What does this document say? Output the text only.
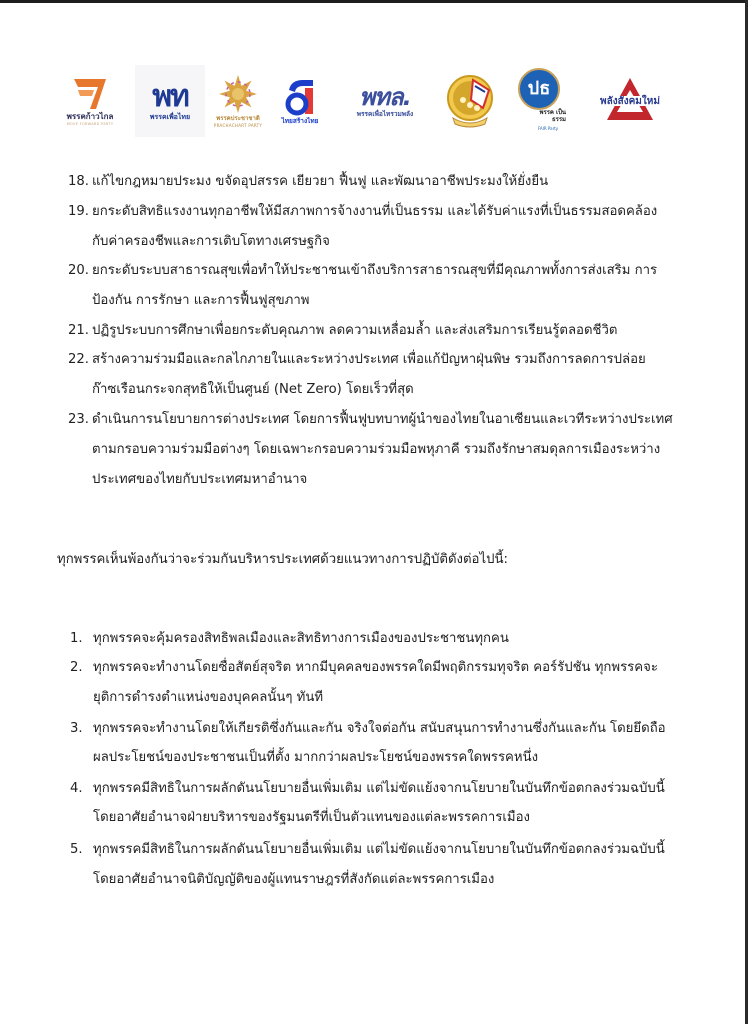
พรรคก้าวไกล
MOVE FORWARD PARTY
พท
พรรคเพื่อไทย	พรรคประชาชาติ
PRACHACHART PARTY
ไทยสร้างไทย
พทล.
พรรคเพื่อไทรวมพลัง
ปธ
พรรค เป็นธรรม
FAIR Party
พลังสังคมใหม่
18. แก้ไขกฎหมายประมง ขจัดอุปสรรค เยียวยา ฟื้นฟู และพัฒนาอาชีพประมงให้ยั่งยืน
19. ยกระดับสิทธิแรงงานทุกอาชีพให้มีสภาพการจ้างงานที่เป็นธรรม และได้รับค่าแรงที่เป็นธรรมสอดคล้อง
กับค่าครองชีพและการเติบโตทางเศรษฐกิจ
20. ยกระดับระบบสาธารณสุขเพื่อทำให้ประชาชนเข้าถึงบริการสาธารณสุขที่มีคุณภาพทั้งการส่งเสริม การ
ป้องกัน การรักษา และการฟื้นฟูสุขภาพ
21. ปฏิรูประบบการศึกษาเพื่อยกระดับคุณภาพ ลดความเหลื่อมล้ำ และส่งเสริมการเรียนรู้ตลอดชีวิต
22. สร้างความร่วมมือและกลไกภายในและระหว่างประเทศ เพื่อแก้ปัญหาฝุ่นพิษ รวมถึงการลดการปล่อย
ก๊าซเรือนกระจกสุทธิให้เป็นศูนย์ (Net Zero) โดยเร็วที่สุด
23. ดำเนินการนโยบายการต่างประเทศ โดยการฟื้นฟูบทบาทผู้นำของไทยในอาเซียนและเวทีระหว่างประเทศ
ตามกรอบความร่วมมือต่างๆ โดยเฉพาะกรอบความร่วมมือพหุภาคี รวมถึงรักษาสมดุลการเมืองระหว่าง
ประเทศของไทยกับประเทศมหาอำนาจ
ทุกพรรคเห็นพ้องกันว่าจะร่วมกันบริหารประเทศด้วยแนวทางการปฏิบัติดังต่อไปนี้:
1. ทุกพรรคจะคุ้มครองสิทธิพลเมืองและสิทธิทางการเมืองของประชาชนทุกคน
2. ทุกพรรคจะทำงานโดยซื่อสัตย์สุจริต หากมีบุคคลของพรรคใดมีพฤติกรรมทุจริต คอร์รัปชัน ทุกพรรคจะ
ยุติการดำรงตำแหน่งของบุคคลนั้นๆ ทันที
3. ทุกพรรคจะทำงานโดยให้เกียรติซึ่งกันและกัน จริงใจต่อกัน สนับสนุนการทำงานซึ่งกันและกัน โดยยึดถือ
ผลประโยชน์ของประชาชนเป็นที่ตั้ง มากกว่าผลประโยชน์ของพรรคใดพรรคหนึ่ง
4. ทุกพรรคมีสิทธิในการผลักดันนโยบายอื่นเพิ่มเติม แต่ไม่ขัดแย้งจากนโยบายในบันทึกข้อตกลงร่วมฉบับนี้
โดยอาศัยอำนาจฝ่ายบริหารของรัฐมนตรีที่เป็นตัวแทนของแต่ละพรรคการเมือง
5. ทุกพรรคมีสิทธิในการผลักดันนโยบายอื่นเพิ่มเติม แต่ไม่ขัดแย้งจากนโยบายในบันทึกข้อตกลงร่วมฉบับนี้
โดยอาศัยอำนาจนิติบัญญัติของผู้แทนราษฎรที่สังกัดแต่ละพรรคการเมือง
